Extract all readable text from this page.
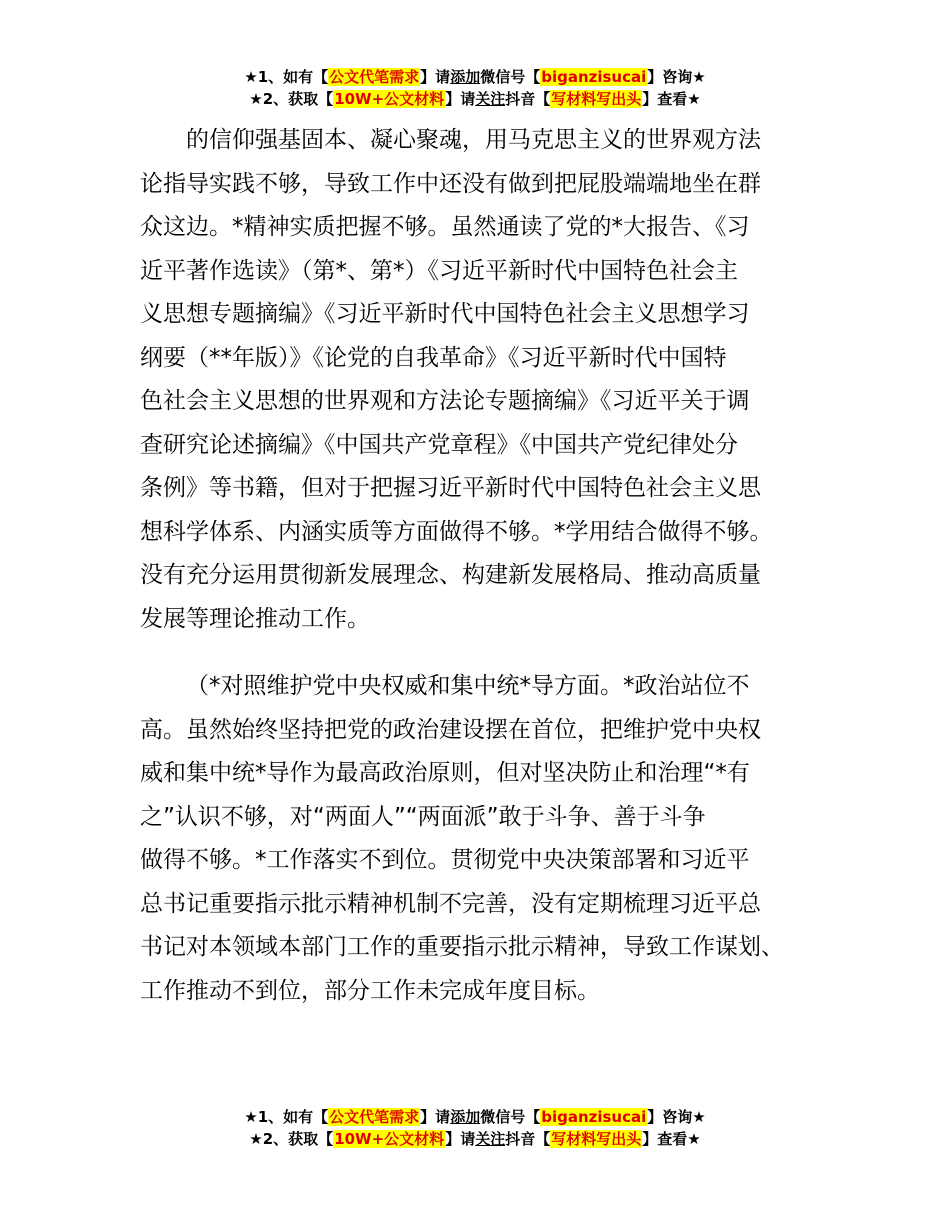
★1、如有【公文代笔需求】请添加微信号【biganzisucai】咨询★
★2、获取【10W+公文材料】请关注抖音【写材料写出头】查看★

的信仰强基固本、凝心聚魂，用马克思主义的世界观方法
论指导实践不够，导致工作中还没有做到把屁股端端地坐在群
众这边。*精神实质把握不够。虽然通读了党的*大报告、《习
近平著作选读》（第*、第*）《习近平新时代中国特色社会主
义思想专题摘编》《习近平新时代中国特色社会主义思想学习
纲要（**年版）》《论党的自我革命》《习近平新时代中国特
色社会主义思想的世界观和方法论专题摘编》《习近平关于调
查研究论述摘编》《中国共产党章程》《中国共产党纪律处分
条例》等书籍，但对于把握习近平新时代中国特色社会主义思
想科学体系、内涵实质等方面做得不够。*学用结合做得不够。
没有充分运用贯彻新发展理念、构建新发展格局、推动高质量
发展等理论推动工作。

（*对照维护党中央权威和集中统*导方面。*政治站位不
高。虽然始终坚持把党的政治建设摆在首位，把维护党中央权
威和集中统*导作为最高政治原则，但对坚决防止和治理“*有
之”认识不够，对“两面人”“两面派”敢于斗争、善于斗争
做得不够。*工作落实不到位。贯彻党中央决策部署和习近平
总书记重要指示批示精神机制不完善，没有定期梳理习近平总
书记对本领域本部门工作的重要指示批示精神，导致工作谋划、
工作推动不到位，部分工作未完成年度目标。

★1、如有【公文代笔需求】请添加微信号【biganzisucai】咨询★
★2、获取【10W+公文材料】请关注抖音【写材料写出头】查看★
